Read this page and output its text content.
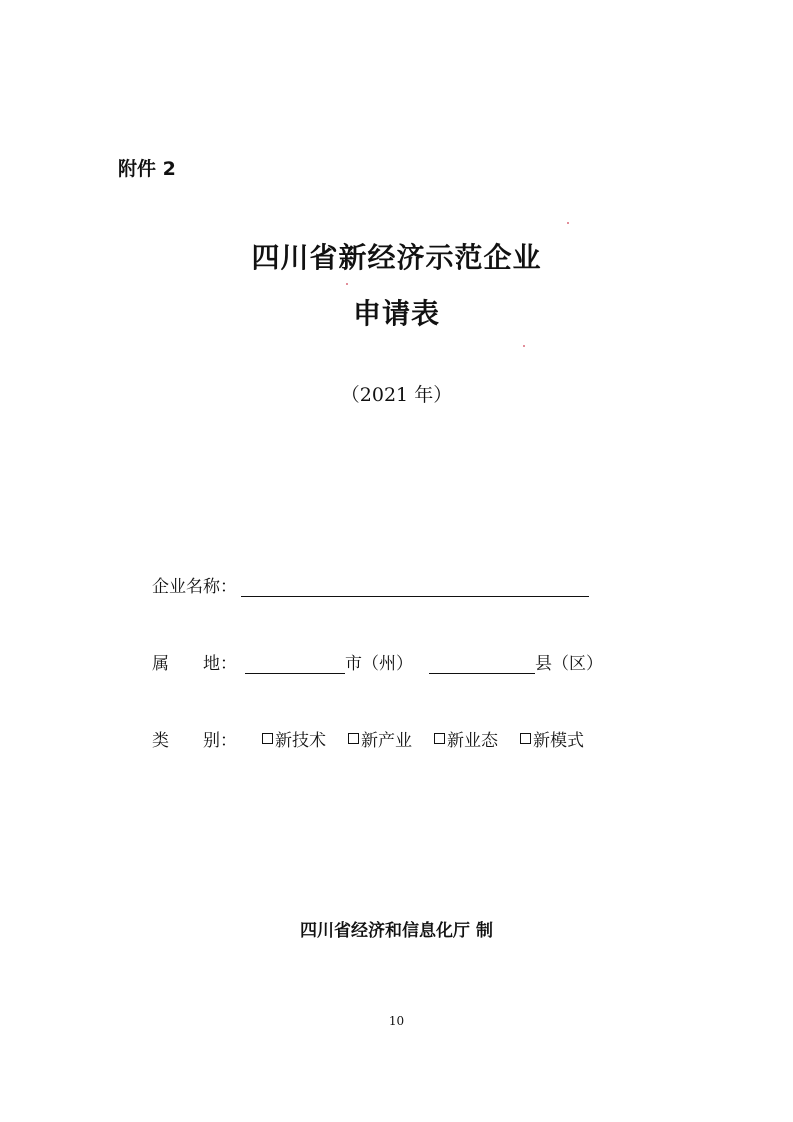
附件 2
四川省新经济示范企业
申请表
（2021 年）
企业名称：
属　　地：	市（州）	县（区）
类　　别：	新技术 新产业 新业态 新模式
四川省经济和信息化厅 制
10
